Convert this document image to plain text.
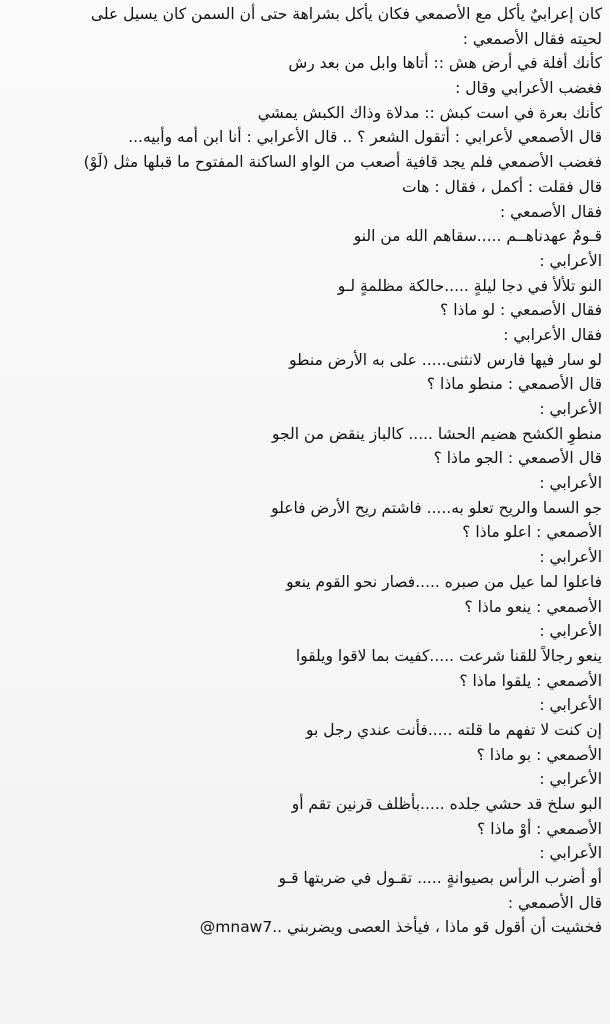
كان إعرابيٌ يأكل مع الأصمعي فكان يأكل بشراهة حتى أن السمن كان يسيل على
لحيته فقال الأصمعي :
كأنك أفلة في أرض هش :: أتاها وابل من بعد رش
فغضب الأعرابي وقال :
كأنك بعرة في است كبش :: مدلاة وذاك الكبش يمشي
قال الأصمعي لأعرابي : أتقول الشعر ؟ .. قال الأعرابي : أنا ابن أمه وأبيه...
فغضب الأصمعي فلم يجد قافية أصعب من الواو الساكنة المفتوح ما قبلها مثل (لَوْ)
قال فقلت : أكمل ، فقال : هات
فقال الأصمعي :
قـومٌ عهدناهــم .....سقاهم الله من النو
الأعرابي :
النو تلألأ في دجا ليلةٍ .....حالكة مظلمةٍ لـو
فقال الأصمعي : لو ماذا ؟
فقال الأعرابي :
لو سار فيها فارس لانثنى..... على به الأرض منطو
قال الأصمعي : منطو ماذا ؟
الأعرابي :
منطوِ الكشح هضيم الحشا ..... كالباز ينقض من الجو
قال الأصمعي : الجو ماذا ؟
الأعرابي :
جو السما والريح تعلو به..... فاشتم ريح الأرض فاعلو
الأصمعي : اعلو ماذا ؟
الأعرابي :
فاعلوا لما عيل من صبره .....فصار نحو القوم ينعو
الأصمعي : ينعو ماذا ؟
الأعرابي :
ينعو رجالاً للقنا شرعت .....كفيت بما لاقوا ويلقوا
الأصمعي : يلقوا ماذا ؟
الأعرابي :
إن كنت لا تفهم ما قلته .....فأنت عندي رجل بو
الأصمعي : بو ماذا ؟
الأعرابي :
البو سلخ قد حشي جلده .....بأظلف قرنين تقم أو
الأصمعي : أوْ ماذا ؟
الأعرابي :
أو أضرب الرأس بصيوانةٍ ..... تقـول في ضربتها قـو
قال الأصمعي :
فخشيت أن أقول قو ماذا ، فيأخذ العصى ويضربني ..@mnaw7
